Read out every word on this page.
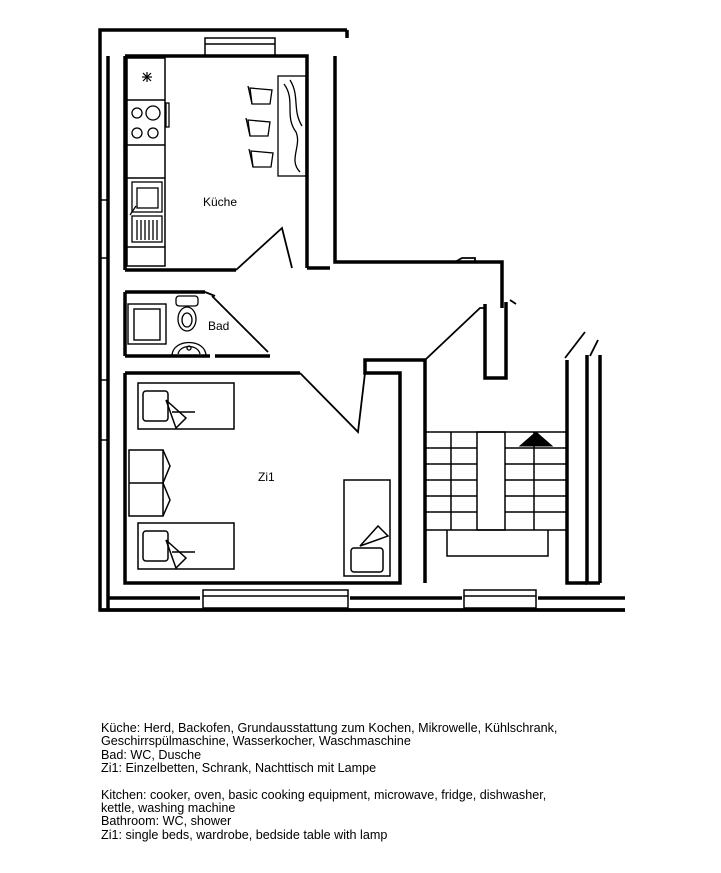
Küche
Bad
Zi1

Küche: Herd, Backofen, Grundausstattung zum Kochen, Mikrowelle, Kühlschrank,

Geschirrspülmaschine, Wasserkocher, Waschmaschine

Bad: WC, Dusche

Zi1: Einzelbetten, Schrank, Nachttisch mit Lampe

Kitchen: cooker, oven, basic cooking equipment, microwave, fridge, dishwasher,

kettle, washing machine

Bathroom: WC, shower

Zi1: single beds, wardrobe, bedside table with lamp
